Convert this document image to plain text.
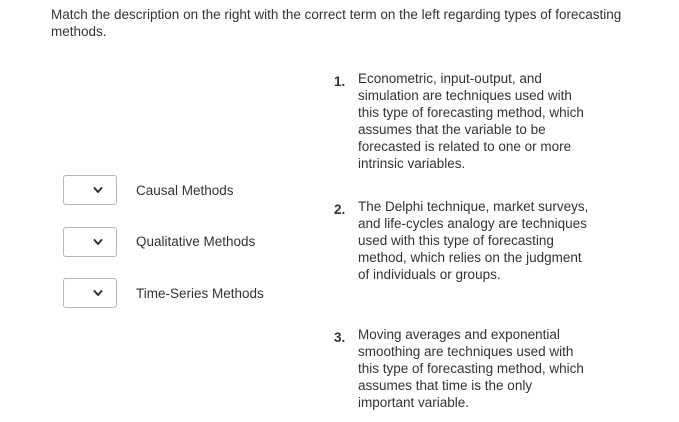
Match the description on the right with the correct term on the left regarding types of forecasting methods.
Causal Methods
Qualitative Methods
Time-Series Methods
1. Econometric, input-output, and simulation are techniques used with this type of forecasting method, which assumes that the variable to be forecasted is related to one or more intrinsic variables.
2. The Delphi technique, market surveys, and life-cycles analogy are techniques used with this type of forecasting method, which relies on the judgment of individuals or groups.
3. Moving averages and exponential smoothing are techniques used with this type of forecasting method, which assumes that time is the only important variable.
